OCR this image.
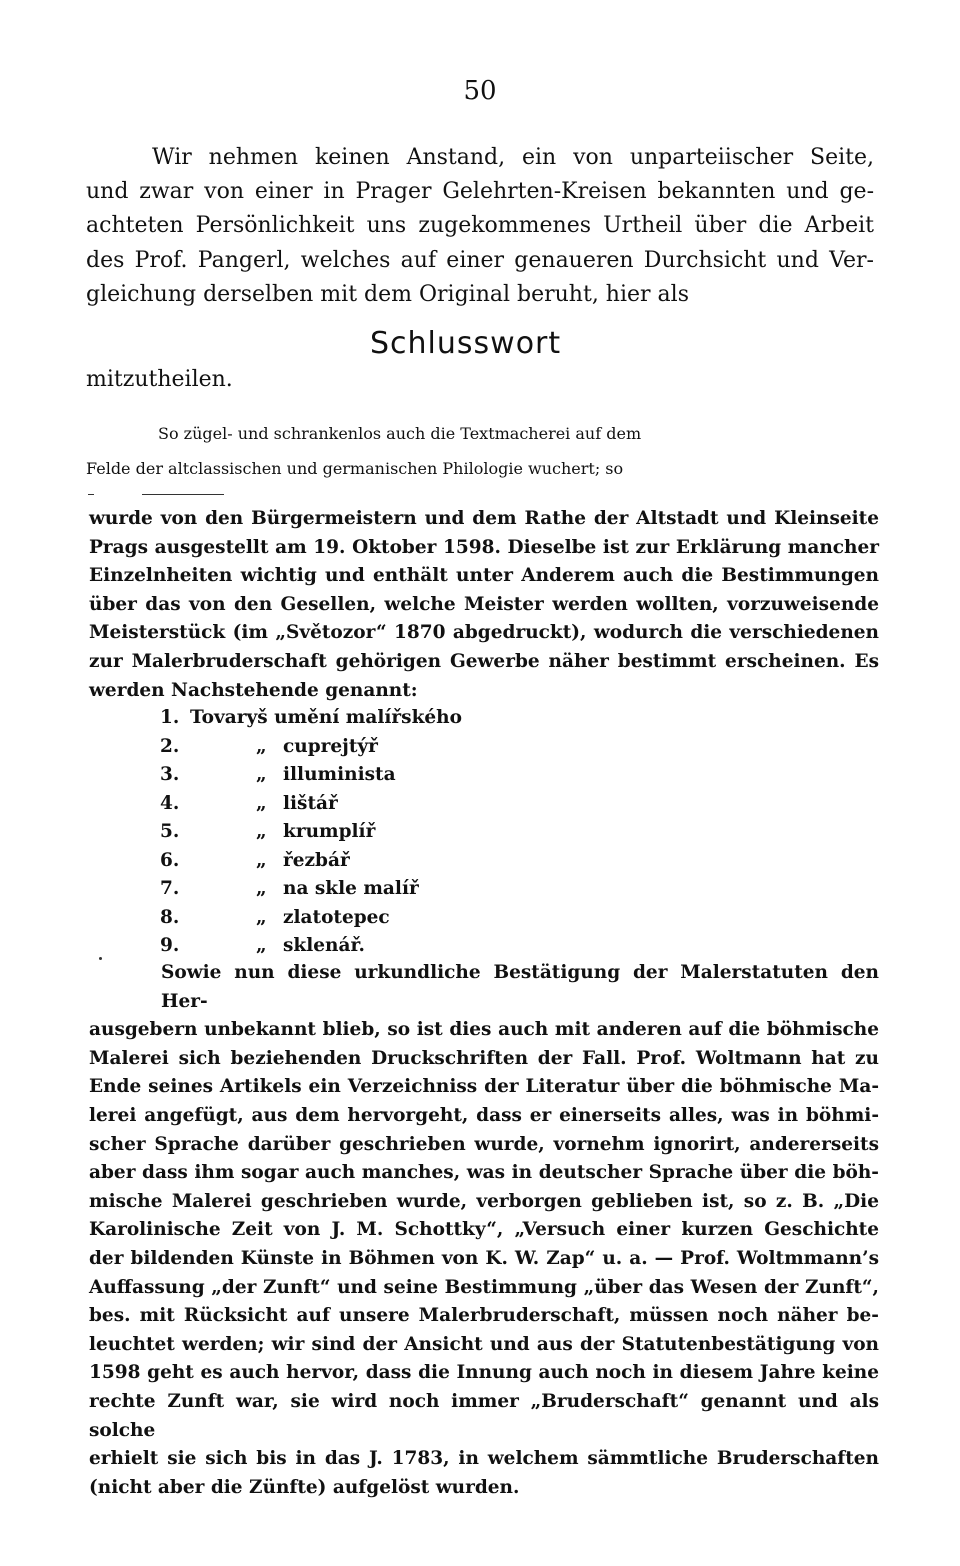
50

Wir nehmen keinen Anstand, ein von unparteiischer Seite,

und zwar von einer in Prager Gelehrten-Kreisen bekannten und ge-

achteten Persönlichkeit uns zugekommenes Urtheil über die Arbeit

des Prof. Pangerl, welches auf einer genaueren Durchsicht und Ver-

gleichung derselben mit dem Original beruht, hier als

Schlusswort
mitzutheilen.

So zügel- und schrankenlos auch die Textmacherei auf dem

Felde der altclassischen und germanischen Philologie wuchert; so

wurde von den Bürgermeistern und dem Rathe der Altstadt und Kleinseite

Prags ausgestellt am 19. Oktober 1598. Dieselbe ist zur Erklärung mancher

Einzelnheiten wichtig und enthält unter Anderem auch die Bestimmungen

über das von den Gesellen, welche Meister werden wollten, vorzuweisende

Meisterstück (im „Světozor“ 1870 abgedruckt), wodurch die verschiedenen

zur Malerbruderschaft gehörigen Gewerbe näher bestimmt erscheinen. Es

werden Nachstehende genannt:

1. Tovaryš umění malířského
2.	„ cuprejtýř
3.	„ illuminista
4.	„ lištář
5.	„ krumplíř
6.	„ řezbář
7.	„ na skle malíř
8.	„ zlatotepec
9.	„ sklenář.

Sowie nun diese urkundliche Bestätigung der Malerstatuten den Her-

ausgebern unbekannt blieb, so ist dies auch mit anderen auf die böhmische

Malerei sich beziehenden Druckschriften der Fall. Prof. Woltmann hat zu

Ende seines Artikels ein Verzeichniss der Literatur über die böhmische Ma-

lerei angefügt, aus dem hervorgeht, dass er einerseits alles, was in böhmi-

scher Sprache darüber geschrieben wurde, vornehm ignorirt, andererseits

aber dass ihm sogar auch manches, was in deutscher Sprache über die böh-

mische Malerei geschrieben wurde, verborgen geblieben ist, so z. B. „Die

Karolinische Zeit von J. M. Schottky“, „Versuch einer kurzen Geschichte

der bildenden Künste in Böhmen von K. W. Zap“ u. a. — Prof. Woltmmann’s

Auffassung „der Zunft“ und seine Bestimmung „über das Wesen der Zunft“,

bes. mit Rücksicht auf unsere Malerbruderschaft, müssen noch näher be-

leuchtet werden; wir sind der Ansicht und aus der Statutenbestätigung von

1598 geht es auch hervor, dass die Innung auch noch in diesem Jahre keine

rechte Zunft war, sie wird noch immer „Bruderschaft“ genannt und als solche

erhielt sie sich bis in das J. 1783, in welchem sämmtliche Bruderschaften

(nicht aber die Zünfte) aufgelöst wurden.
